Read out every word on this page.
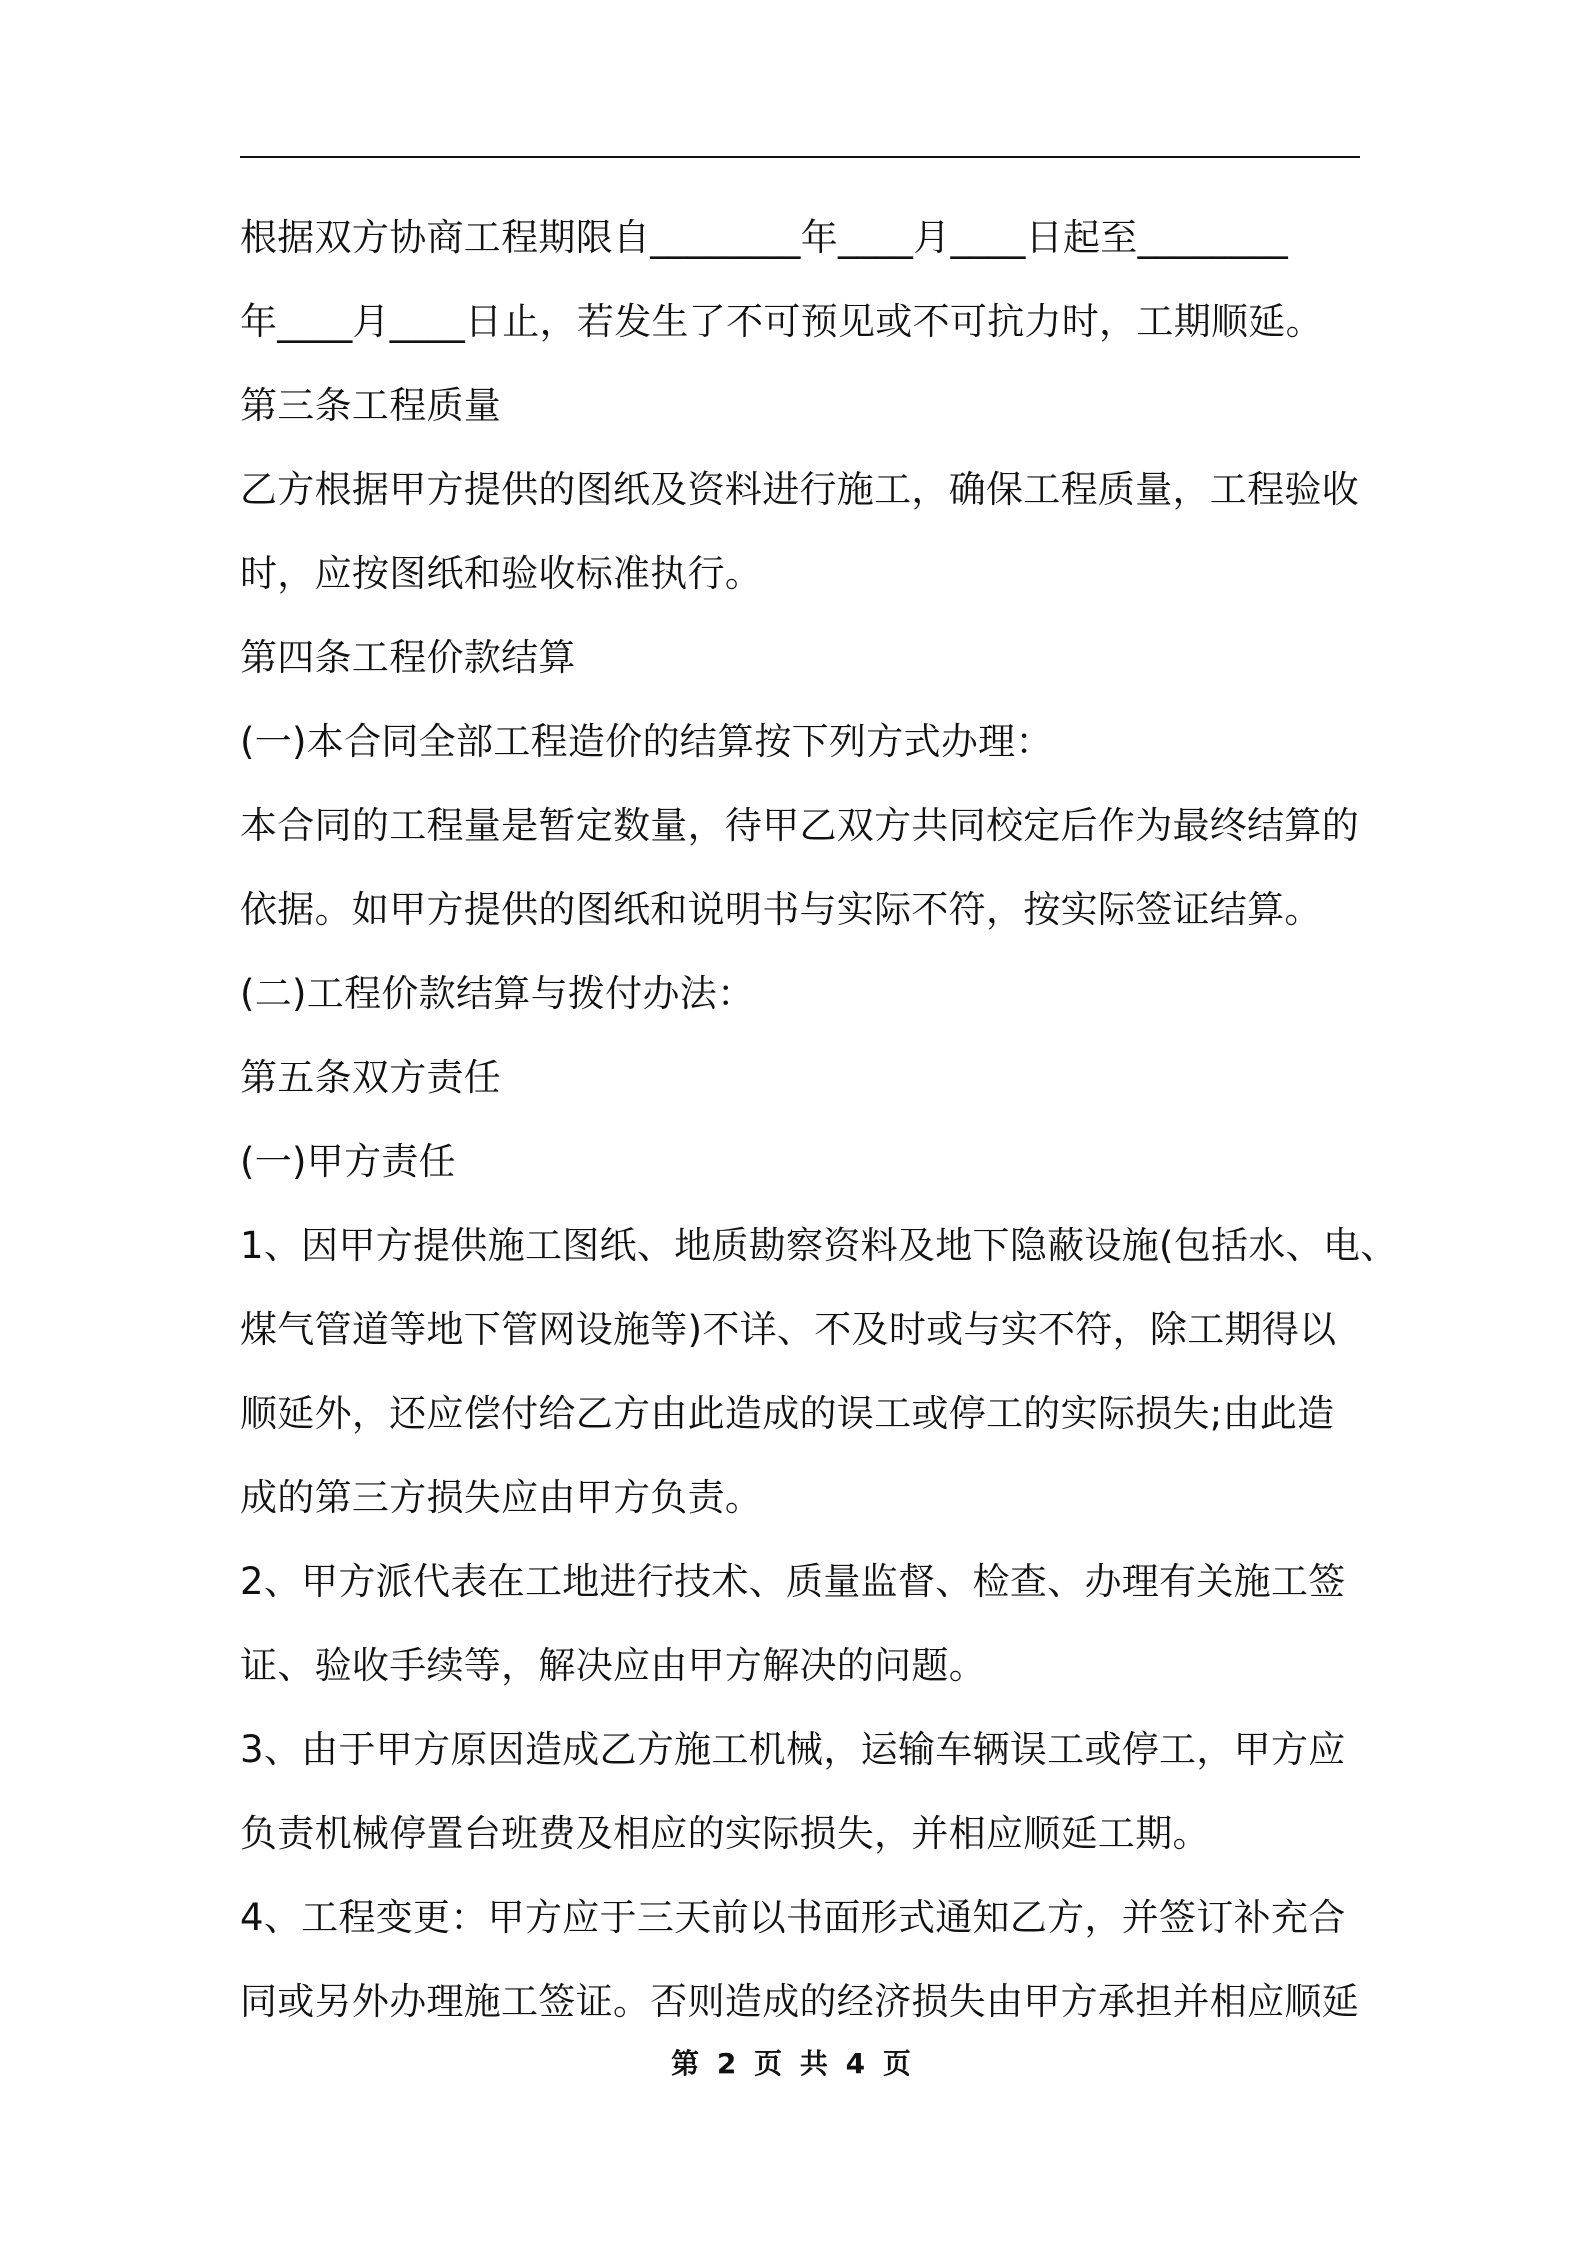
根据双方协商工程期限自________年____月____日起至________
年____月____日止，若发生了不可预见或不可抗力时，工期顺延。
第三条工程质量
乙方根据甲方提供的图纸及资料进行施工，确保工程质量，工程验收
时，应按图纸和验收标准执行。
第四条工程价款结算
(一)本合同全部工程造价的结算按下列方式办理：
本合同的工程量是暂定数量，待甲乙双方共同校定后作为最终结算的
依据。如甲方提供的图纸和说明书与实际不符，按实际签证结算。
(二)工程价款结算与拨付办法：
第五条双方责任
(一)甲方责任
1、因甲方提供施工图纸、地质勘察资料及地下隐蔽设施(包括水、电、
煤气管道等地下管网设施等)不详、不及时或与实不符，除工期得以
顺延外，还应偿付给乙方由此造成的误工或停工的实际损失;由此造
成的第三方损失应由甲方负责。
2、甲方派代表在工地进行技术、质量监督、检查、办理有关施工签
证、验收手续等，解决应由甲方解决的问题。
3、由于甲方原因造成乙方施工机械，运输车辆误工或停工，甲方应
负责机械停置台班费及相应的实际损失，并相应顺延工期。
4、工程变更：甲方应于三天前以书面形式通知乙方，并签订补充合
同或另外办理施工签证。否则造成的经济损失由甲方承担并相应顺延
第 2 页 共 4 页
